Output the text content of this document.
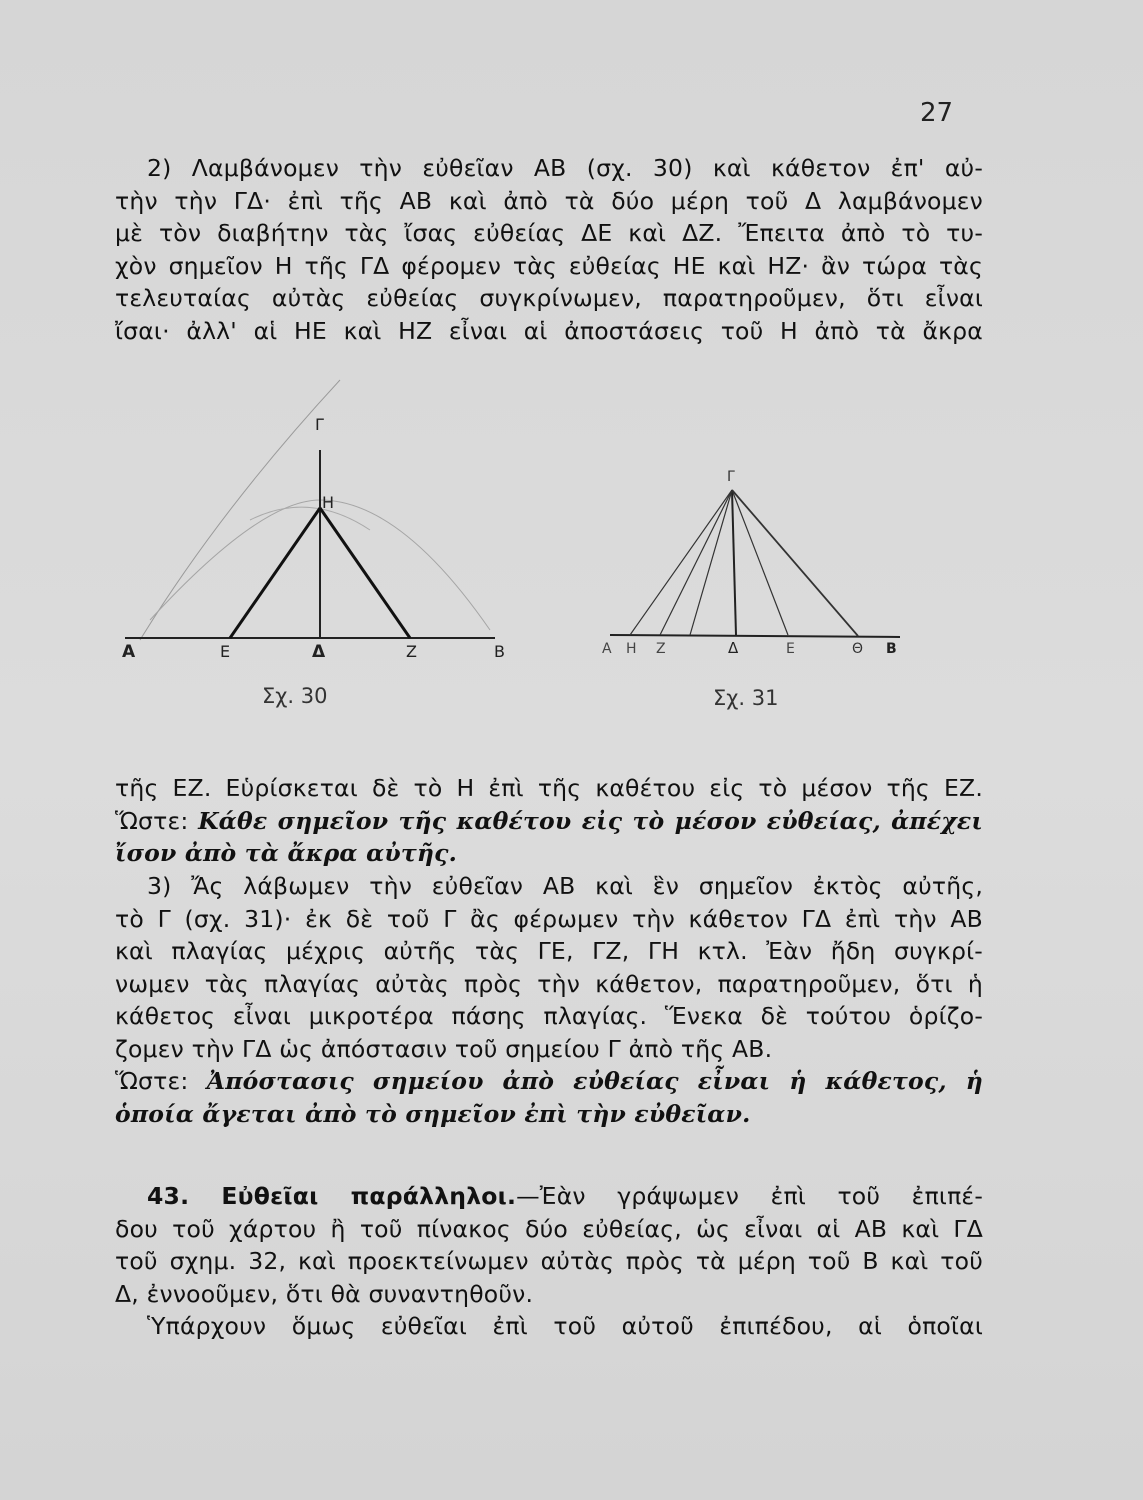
27
2) Λαμβάνομεν τὴν εὐθεῖαν ΑΒ (σχ. 30) καὶ κάθετον ἐπ' αὐ-
τὴν τὴν ΓΔ· ἐπὶ τῆς ΑΒ καὶ ἀπὸ τὰ δύο μέρη τοῦ Δ λαμβάνομεν
μὲ τὸν διαβήτην τὰς ἴσας εὐθείας ΔΕ καὶ ΔΖ. Ἔπειτα ἀπὸ τὸ τυ-
χὸν σημεῖον Η τῆς ΓΔ φέρομεν τὰς εὐθείας ΗΕ καὶ ΗΖ· ἂν τώρα τὰς
τελευταίας αὐτὰς εὐθείας συγκρίνωμεν, παρατηροῦμεν, ὅτι εἶναι
ἴσαι· ἀλλ' αἱ ΗΕ καὶ ΗΖ εἶναι αἱ ἀποστάσεις τοῦ Η ἀπὸ τὰ ἄκρα
Γ
Η
Α	Ε	Δ	Ζ	Β
Σχ. 30
Γ
Α Η Ζ	Δ	Ε	Θ Β
Σχ. 31
τῆς ΕΖ. Εὑρίσκεται δὲ τὸ Η ἐπὶ τῆς καθέτου εἰς τὸ μέσον τῆς ΕΖ.
Ὥστε: Κάθε σημεῖον τῆς καθέτου εἰς τὸ μέσον εὐθείας, ἀπέχει
ἴσον ἀπὸ τὰ ἄκρα αὐτῆς.
3) Ἄς λάβωμεν τὴν εὐθεῖαν ΑΒ καὶ ἓν σημεῖον ἐκτὸς αὐτῆς,
τὸ Γ (σχ. 31)· ἐκ δὲ τοῦ Γ ἂς φέρωμεν τὴν κάθετον ΓΔ ἐπὶ τὴν ΑΒ
καὶ πλαγίας μέχρις αὐτῆς τὰς ΓΕ, ΓΖ, ΓΗ κτλ. Ἐὰν ἤδη συγκρί-
νωμεν τὰς πλαγίας αὐτὰς πρὸς τὴν κάθετον, παρατηροῦμεν, ὅτι ἡ
κάθετος εἶναι μικροτέρα πάσης πλαγίας. Ἕνεκα δὲ τούτου ὁρίζο-
ζομεν τὴν ΓΔ ὡς ἀπόστασιν τοῦ σημείου Γ ἀπὸ τῆς ΑΒ.
Ὥστε: Ἀπόστασις σημείου ἀπὸ εὐθείας εἶναι ἡ κάθετος, ἡ
ὁποία ἄγεται ἀπὸ τὸ σημεῖον ἐπὶ τὴν εὐθεῖαν.
43. Εὐθεῖαι παράλληλοι.—Ἐὰν γράψωμεν ἐπὶ τοῦ ἐπιπέ-
δου τοῦ χάρτου ἢ τοῦ πίνακος δύο εὐθείας, ὡς εἶναι αἱ ΑΒ καὶ ΓΔ
τοῦ σχημ. 32, καὶ προεκτείνωμεν αὐτὰς πρὸς τὰ μέρη τοῦ Β καὶ τοῦ
Δ, ἐννοοῦμεν, ὅτι θὰ συναντηθοῦν.
Ὑπάρχουν ὅμως εὐθεῖαι ἐπὶ τοῦ αὐτοῦ ἐπιπέδου, αἱ ὁποῖαι
